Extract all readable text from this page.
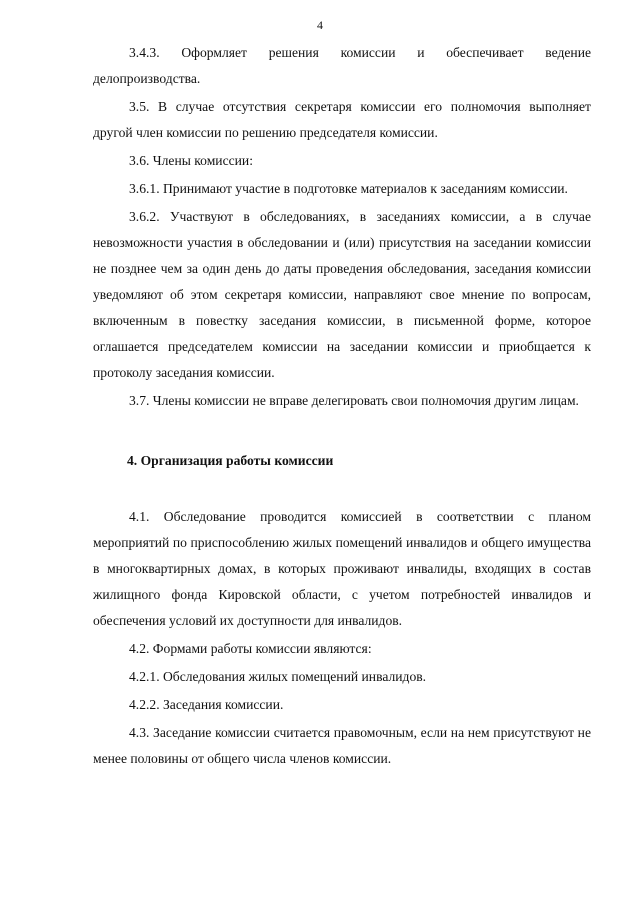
4

3.4.3. Оформляет решения комиссии и обеспечивает ведение делопроизводства.

3.5. В случае отсутствия секретаря комиссии его полномочия выполняет другой член комиссии по решению председателя комиссии.

3.6. Члены комиссии:

3.6.1. Принимают участие в подготовке материалов к заседаниям комиссии.

3.6.2. Участвуют в обследованиях, в заседаниях комиссии, а в случае невозможности участия в обследовании и (или) присутствия на заседании комиссии не позднее чем за один день до даты проведения обследования, заседания комиссии уведомляют об этом секретаря комиссии, направляют свое мнение по вопросам, включенным в повестку заседания комиссии, в письменной форме, которое оглашается председателем комиссии на заседании комиссии и приобщается к протоколу заседания комиссии.

3.7. Члены комиссии не вправе делегировать свои полномочия другим лицам.

4. Организация работы комиссии

4.1. Обследование проводится комиссией в соответствии с планом мероприятий по приспособлению жилых помещений инвалидов и общего имущества в многоквартирных домах, в которых проживают инвалиды, входящих в состав жилищного фонда Кировской области, с учетом потребностей инвалидов и обеспечения условий их доступности для инвалидов.

4.2. Формами работы комиссии являются:

4.2.1. Обследования жилых помещений инвалидов.

4.2.2. Заседания комиссии.

4.3. Заседание комиссии считается правомочным, если на нем присутствуют не менее половины от общего числа членов комиссии.
